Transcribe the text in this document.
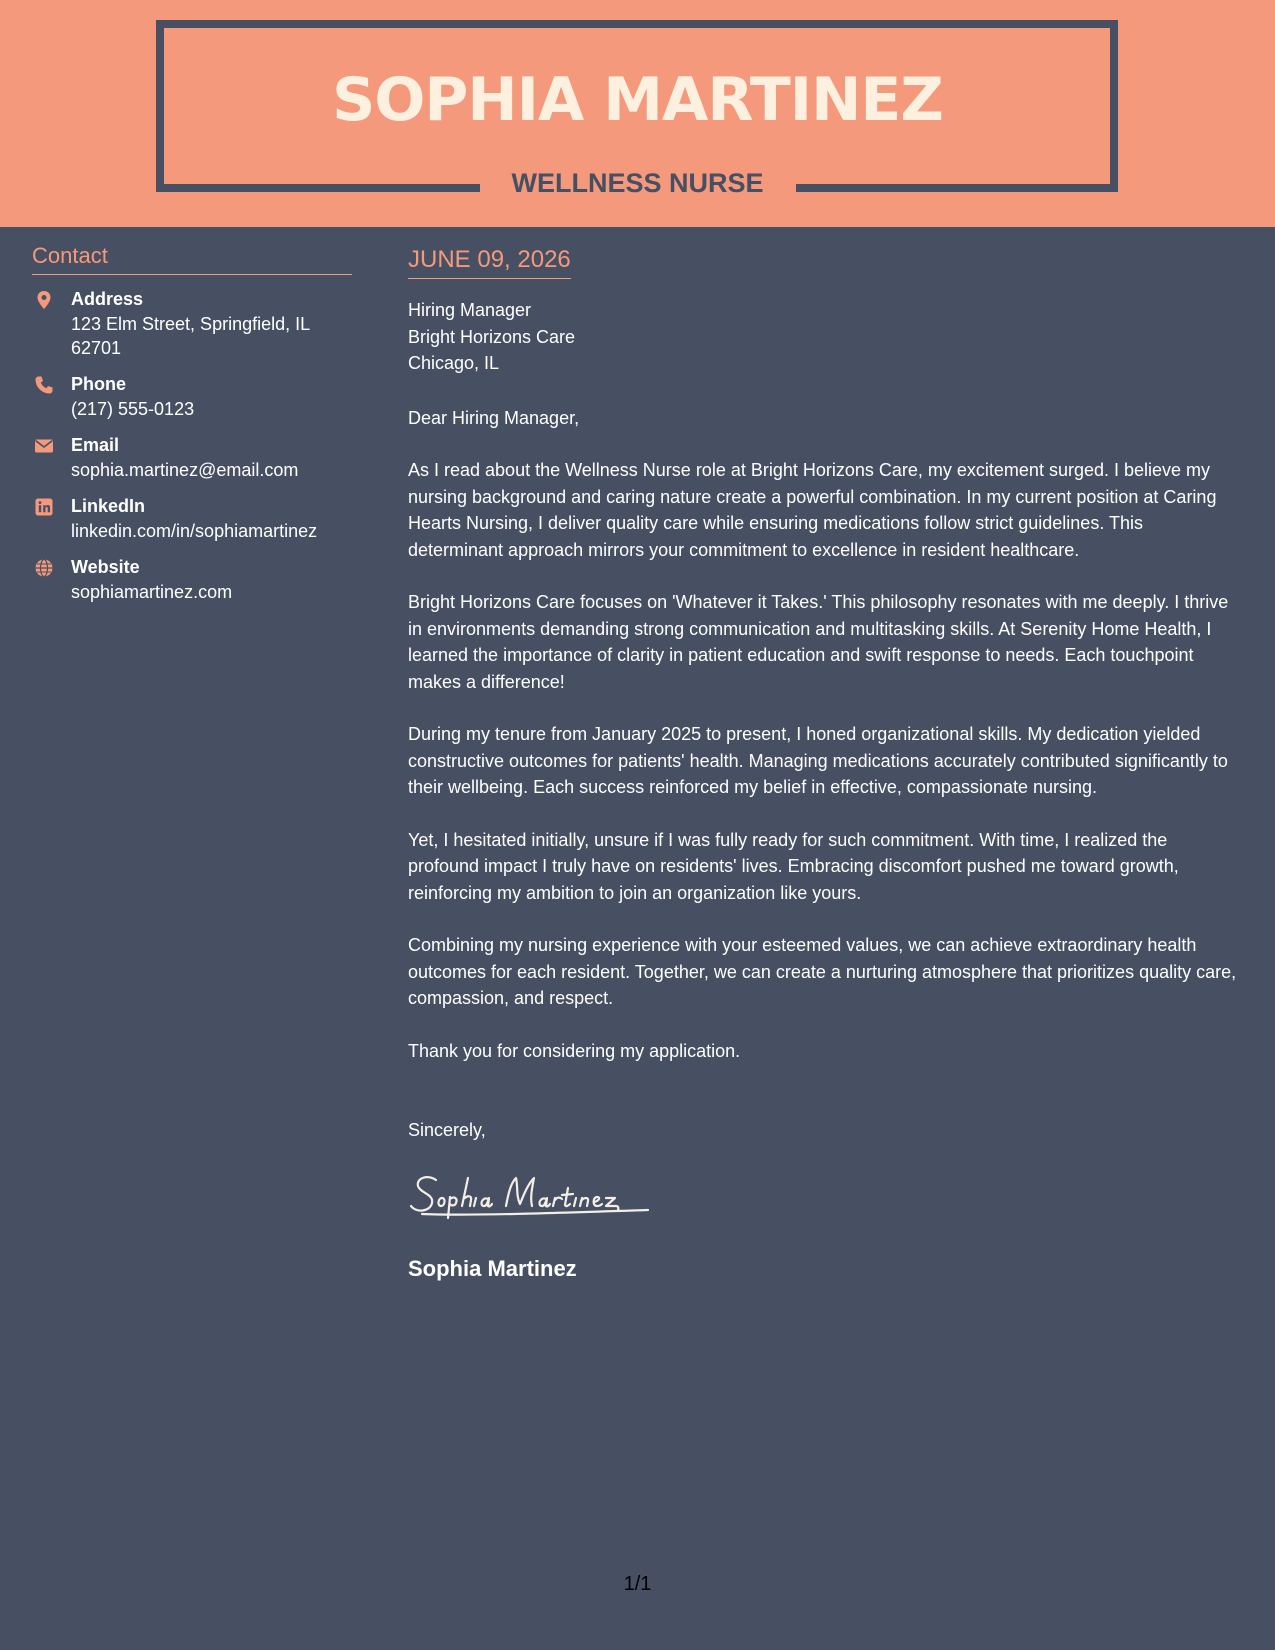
SOPHIA MARTINEZ
WELLNESS NURSE
Contact
Address
123 Elm Street, Springfield, IL 62701
Phone
(217) 555-0123
Email
sophia.martinez@email.com
LinkedIn
linkedin.com/in/sophiamartinez
Website
sophiamartinez.com
JUNE 09, 2026
Hiring Manager
Bright Horizons Care
Chicago, IL
Dear Hiring Manager,

As I read about the Wellness Nurse role at Bright Horizons Care, my excitement surged. I believe my nursing background and caring nature create a powerful combination. In my current position at Caring Hearts Nursing, I deliver quality care while ensuring medications follow strict guidelines. This determinant approach mirrors your commitment to excellence in resident healthcare.

Bright Horizons Care focuses on 'Whatever it Takes.' This philosophy resonates with me deeply. I thrive in environments demanding strong communication and multitasking skills. At Serenity Home Health, I learned the importance of clarity in patient education and swift response to needs. Each touchpoint makes a difference!

During my tenure from January 2025 to present, I honed organizational skills. My dedication yielded constructive outcomes for patients' health. Managing medications accurately contributed significantly to their wellbeing. Each success reinforced my belief in effective, compassionate nursing.

Yet, I hesitated initially, unsure if I was fully ready for such commitment. With time, I realized the profound impact I truly have on residents' lives. Embracing discomfort pushed me toward growth, reinforcing my ambition to join an organization like yours.

Combining my nursing experience with your esteemed values, we can achieve extraordinary health outcomes for each resident. Together, we can create a nurturing atmosphere that prioritizes quality care, compassion, and respect.

Thank you for considering my application.

Sincerely,
Sophia Martinez
1/1
